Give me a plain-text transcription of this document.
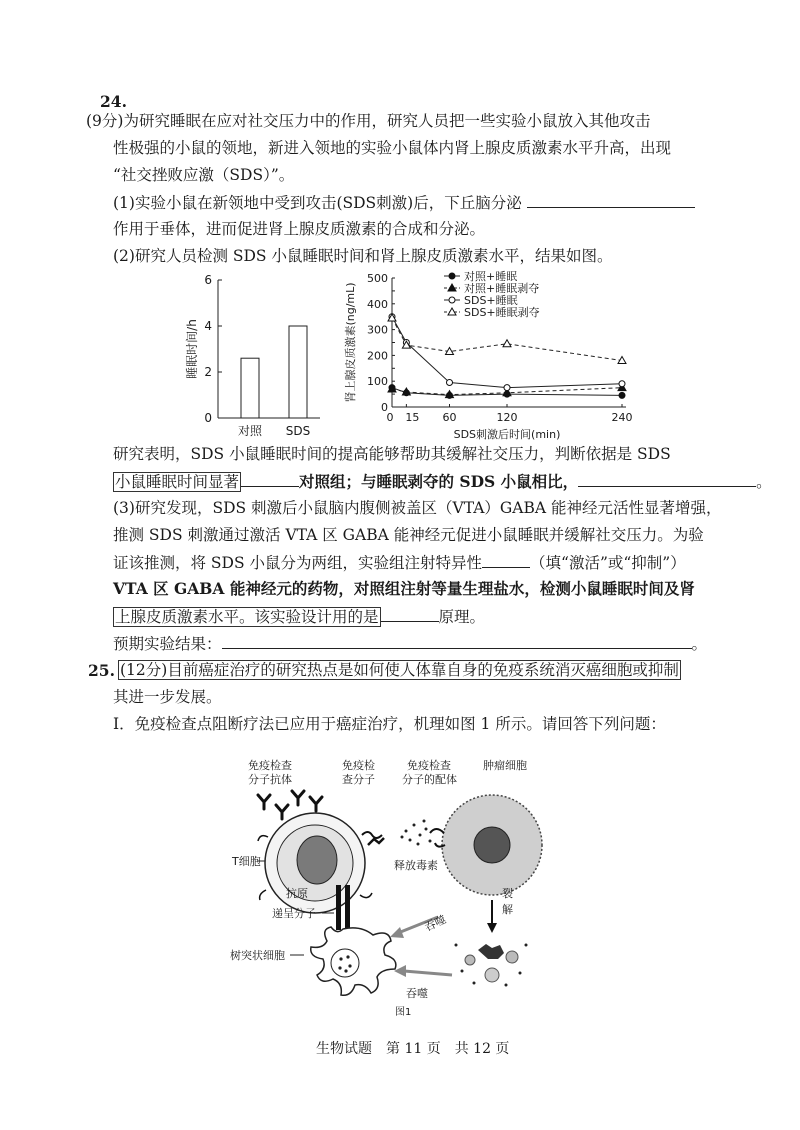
24.
(9分)为研究睡眠在应对社交压力中的作用，研究人员把一些实验小鼠放入其他攻击
性极强的小鼠的领地，新进入领地的实验小鼠体内肾上腺皮质激素水平升高，出现
“社交挫败应激（SDS）”。
(1)实验小鼠在新领地中受到攻击(SDS刺激)后，下丘脑分泌
作用于垂体，进而促进肾上腺皮质激素的合成和分泌。
(2)研究人员检测 SDS 小鼠睡眠时间和肾上腺皮质激素水平，结果如图。
0
2
4
6
睡眠时间/h
对照 SDS
0
100
200
300
400
500
0 15 60	120	240
SDS刺激后时间(min)
肾上腺皮质激素(ng/mL)
对照+睡眠
对照+睡眠剥夺
SDS+睡眠
SDS+睡眠剥夺
研究表明，SDS 小鼠睡眠时间的提高能够帮助其缓解社交压力，判断依据是 SDS
小鼠睡眠时间显著	对照组；与睡眠剥夺的 SDS 小鼠相比，	。
(3)研究发现，SDS 刺激后小鼠脑内腹侧被盖区（VTA）GABA 能神经元活性显著增强，
推测 SDS 刺激通过激活 VTA 区 GABA 能神经元促进小鼠睡眠并缓解社交压力。为验
证该推测，将 SDS 小鼠分为两组，实验组注射特异性	（填“激活”或“抑制”）
VTA 区 GABA 能神经元的药物，对照组注射等量生理盐水，检测小鼠睡眠时间及肾
上腺皮质激素水平。该实验设计用的是	原理。
预期实验结果：	。
25. (12分)目前癌症治疗的研究热点是如何使人体靠自身的免疫系统消灭癌细胞或抑制
其进一步发展。
I．免疫检查点阻断疗法已应用于癌症治疗，机理如图 1 所示。请回答下列问题：
免疫检查
分子抗体
免疫检
查分子
免疫检查
分子的配体
肿瘤细胞
T细胞	释放毒素
裂
解
吞噬
吞噬
抗原
递呈分子
树突状细胞
图1
生物试题　第 11 页　共 12 页
